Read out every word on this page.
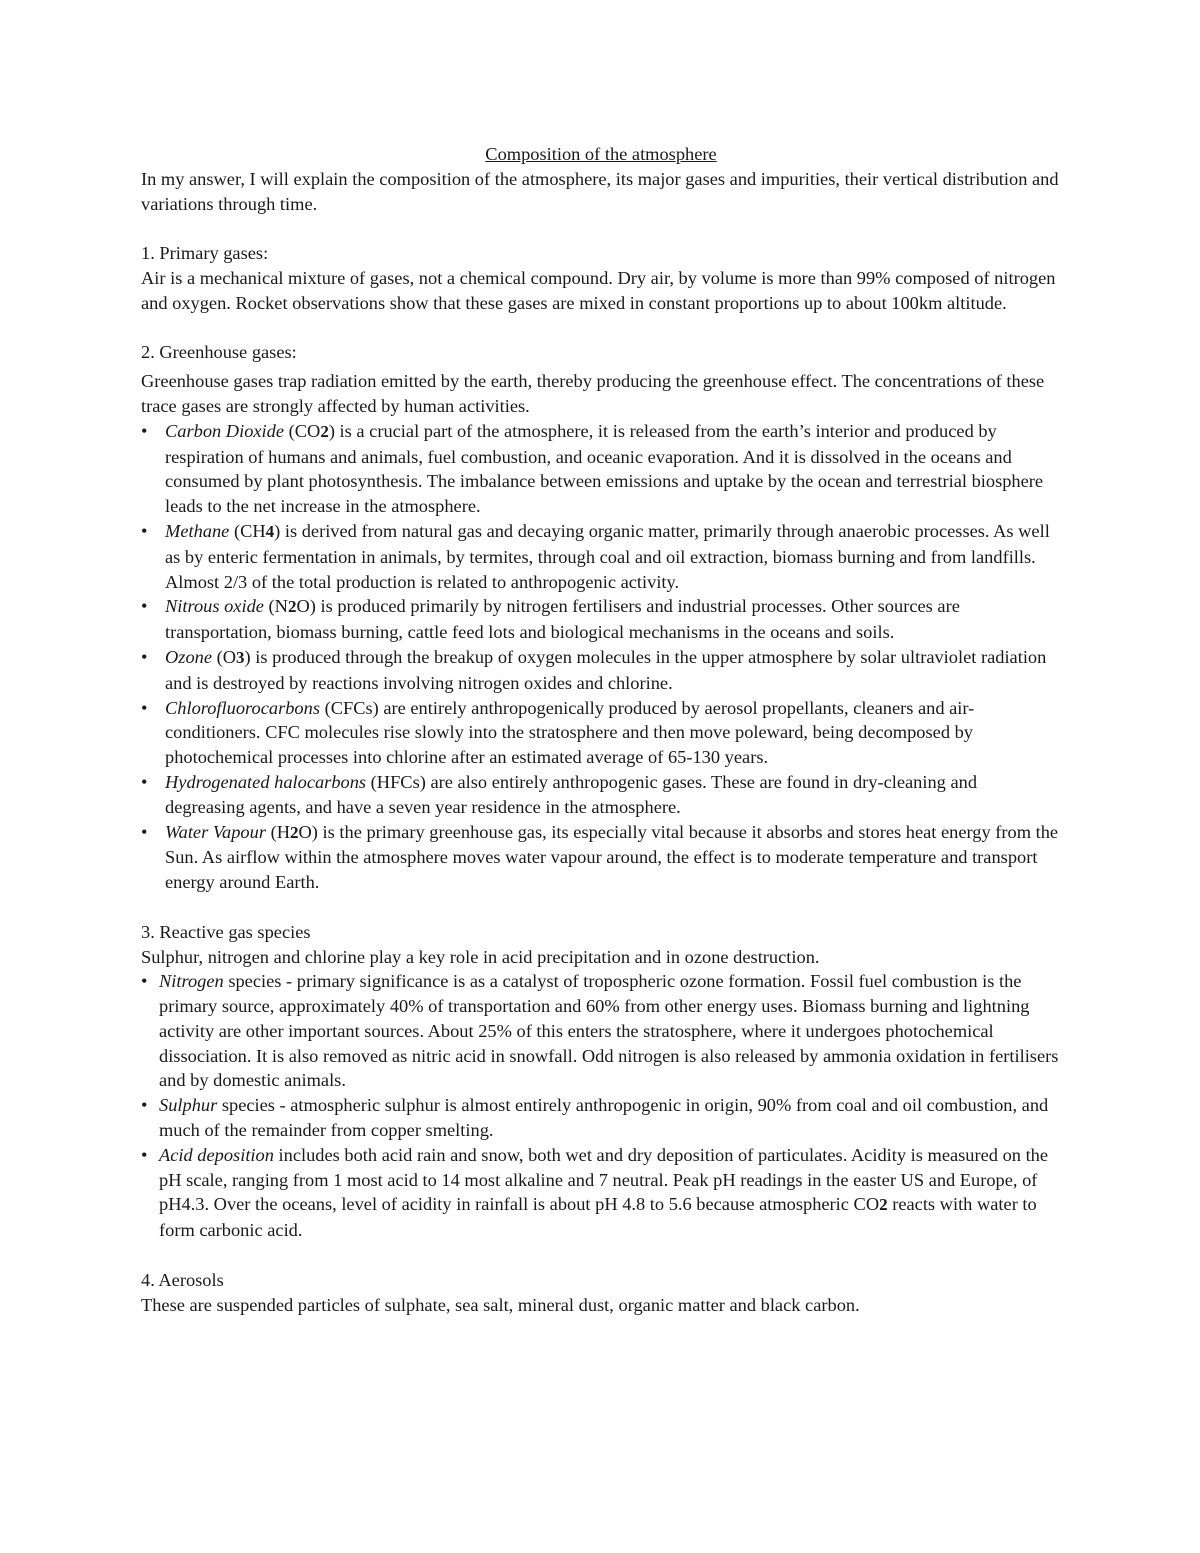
Composition of the atmosphere

In my answer, I will explain the composition of the atmosphere, its major gases and impurities, their vertical distribution and variations through time.

1. Primary gases:

Air is a mechanical mixture of gases, not a chemical compound. Dry air, by volume is more than 99% composed of nitrogen and oxygen. Rocket observations show that these gases are mixed in constant proportions up to about 100km altitude.

2. Greenhouse gases:

Greenhouse gases trap radiation emitted by the earth, thereby producing the greenhouse effect. The concentrations of these trace gases are strongly affected by human activities.

• Carbon Dioxide (CO2) is a crucial part of the atmosphere, it is released from the earth’s interior and produced by respiration of humans and animals, fuel combustion, and oceanic evaporation. And it is dissolved in the oceans and consumed by plant photosynthesis. The imbalance between emissions and uptake by the ocean and terrestrial biosphere leads to the net increase in the atmosphere.
• Methane (CH4) is derived from natural gas and decaying organic matter, primarily through anaerobic processes. As well as by enteric fermentation in animals, by termites, through coal and oil extraction, biomass burning and from landfills. Almost 2/3 of the total production is related to anthropogenic activity.
• Nitrous oxide (N2O) is produced primarily by nitrogen fertilisers and industrial processes. Other sources are transportation, biomass burning, cattle feed lots and biological mechanisms in the oceans and soils.
• Ozone (O3) is produced through the breakup of oxygen molecules in the upper atmosphere by solar ultraviolet radiation and is destroyed by reactions involving nitrogen oxides and chlorine.
• Chlorofluorocarbons (CFCs) are entirely anthropogenically produced by aerosol propellants, cleaners and air-conditioners. CFC molecules rise slowly into the stratosphere and then move poleward, being decomposed by photochemical processes into chlorine after an estimated average of 65-130 years.
• Hydrogenated halocarbons (HFCs) are also entirely anthropogenic gases. These are found in dry-cleaning and degreasing agents, and have a seven year residence in the atmosphere.
• Water Vapour (H2O) is the primary greenhouse gas, its especially vital because it absorbs and stores heat energy from the Sun. As airflow within the atmosphere moves water vapour around, the effect is to moderate temperature and transport energy around Earth.

3. Reactive gas species

Sulphur, nitrogen and chlorine play a key role in acid precipitation and in ozone destruction.

• Nitrogen species - primary significance is as a catalyst of tropospheric ozone formation. Fossil fuel combustion is the primary source, approximately 40% of transportation and 60% from other energy uses. Biomass burning and lightning activity are other important sources. About 25% of this enters the stratosphere, where it undergoes photochemical dissociation. It is also removed as nitric acid in snowfall. Odd nitrogen is also released by ammonia oxidation in fertilisers and by domestic animals.
• Sulphur species - atmospheric sulphur is almost entirely anthropogenic in origin, 90% from coal and oil combustion, and much of the remainder from copper smelting.
• Acid deposition includes both acid rain and snow, both wet and dry deposition of particulates. Acidity is measured on the pH scale, ranging from 1 most acid to 14 most alkaline and 7 neutral. Peak pH readings in the easter US and Europe, of pH4.3. Over the oceans, level of acidity in rainfall is about pH 4.8 to 5.6 because atmospheric CO2 reacts with water to form carbonic acid.

4. Aerosols

These are suspended particles of sulphate, sea salt, mineral dust, organic matter and black carbon.
